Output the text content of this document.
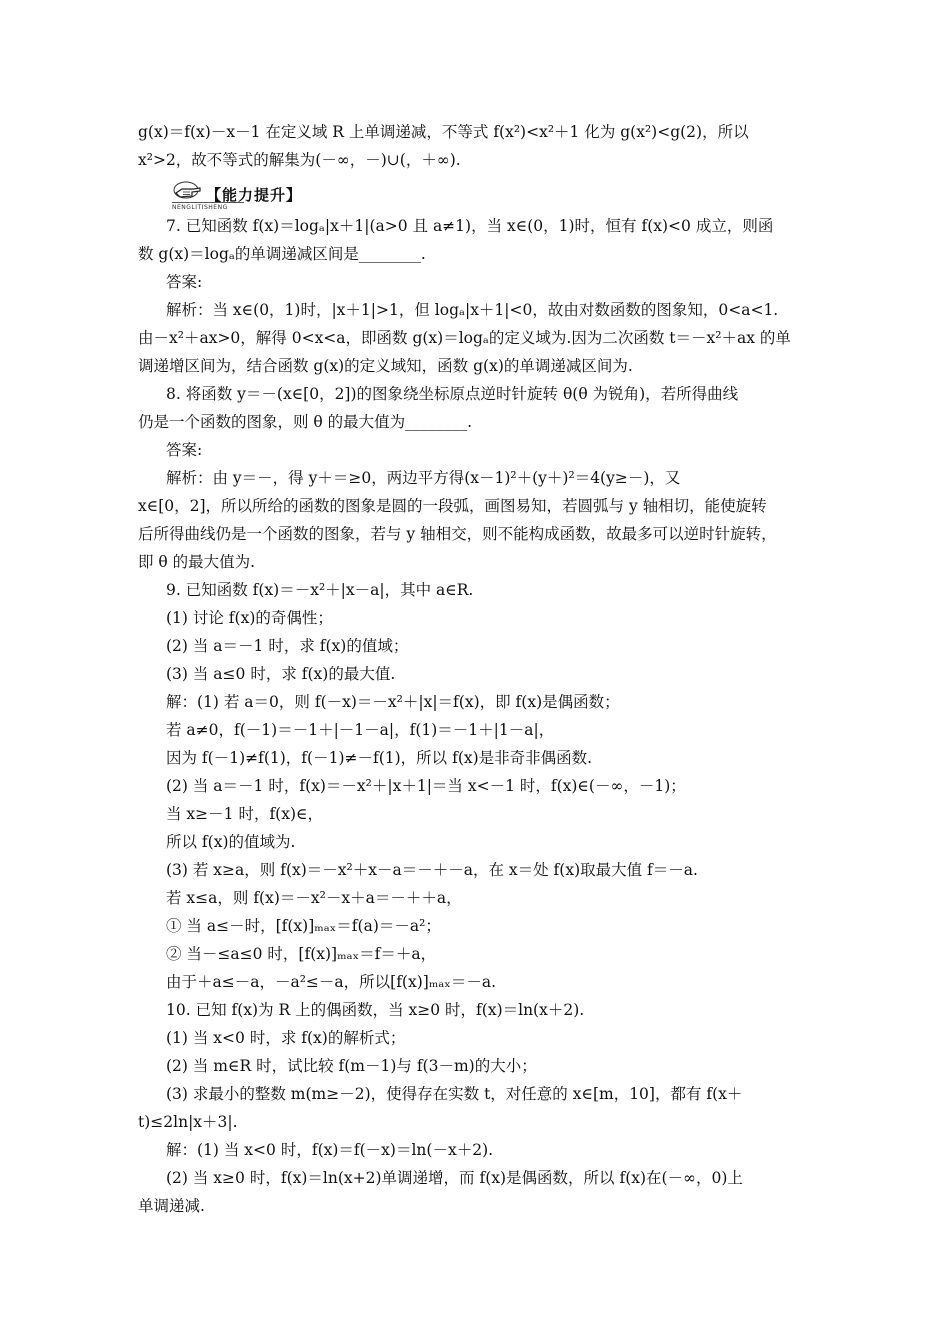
g(x)＝f(x)－x－1 在定义域 R 上单调递减，不等式 f(x²)<x²＋1 化为 g(x²)<g(2)，所以
x²>2，故不等式的解集为(－∞，－)∪(，＋∞).
【能力提升】
NENGLITISHENG
7. 已知函数 f(x)＝logₐ|x＋1|(a>0 且 a≠1)，当 x∈(0，1)时，恒有 f(x)<0 成立，则函
数 g(x)＝logₐ的单调递减区间是________.
答案:
解析：当 x∈(0，1)时，|x＋1|>1，但 logₐ|x＋1|<0，故由对数函数的图象知，0<a<1.
由－x²＋ax>0，解得 0<x<a，即函数 g(x)＝logₐ的定义域为.因为二次函数 t＝－x²＋ax 的单
调递增区间为，结合函数 g(x)的定义域知，函数 g(x)的单调递减区间为.
8. 将函数 y＝－(x∈[0，2])的图象绕坐标原点逆时针旋转 θ(θ 为锐角)，若所得曲线
仍是一个函数的图象，则 θ 的最大值为________.
答案:
解析：由 y＝－，得 y＋＝≥0，两边平方得(x－1)²＋(y＋)²＝4(y≥－)，又
x∈[0，2]，所以所给的函数的图象是圆的一段弧，画图易知，若圆弧与 y 轴相切，能使旋转
后所得曲线仍是一个函数的图象，若与 y 轴相交，则不能构成函数，故最多可以逆时针旋转，
即 θ 的最大值为.
9. 已知函数 f(x)＝－x²＋|x－a|，其中 a∈R.
(1) 讨论 f(x)的奇偶性；
(2) 当 a＝－1 时，求 f(x)的值域；
(3) 当 a≤0 时，求 f(x)的最大值.
解：(1) 若 a＝0，则 f(－x)＝－x²＋|x|＝f(x)，即 f(x)是偶函数；
若 a≠0，f(－1)＝－1＋|－1－a|，f(1)＝－1＋|1－a|，
因为 f(－1)≠f(1)，f(－1)≠－f(1)，所以 f(x)是非奇非偶函数.
(2) 当 a＝－1 时，f(x)＝－x²＋|x＋1|＝当 x<－1 时，f(x)∈(－∞，－1)；
当 x≥－1 时，f(x)∈，
所以 f(x)的值域为.
(3) 若 x≥a，则 f(x)＝－x²＋x－a＝－＋－a，在 x＝处 f(x)取最大值 f＝－a.
若 x≤a，则 f(x)＝－x²－x＋a＝－＋＋a，
① 当 a≤－时，[f(x)]ₘₐₓ＝f(a)＝－a²；
② 当－≤a≤0 时，[f(x)]ₘₐₓ＝f＝＋a，
由于＋a≤－a，－a²≤－a，所以[f(x)]ₘₐₓ＝－a.
10. 已知 f(x)为 R 上的偶函数，当 x≥0 时，f(x)＝ln(x＋2).
(1) 当 x<0 时，求 f(x)的解析式；
(2) 当 m∈R 时，试比较 f(m－1)与 f(3－m)的大小；
(3) 求最小的整数 m(m≥－2)，使得存在实数 t，对任意的 x∈[m，10]，都有 f(x＋
t)≤2ln|x＋3|.
解：(1) 当 x<0 时，f(x)＝f(－x)＝ln(－x＋2).
(2) 当 x≥0 时，f(x)＝ln(x+2)单调递增，而 f(x)是偶函数，所以 f(x)在(－∞，0)上
单调递减.
